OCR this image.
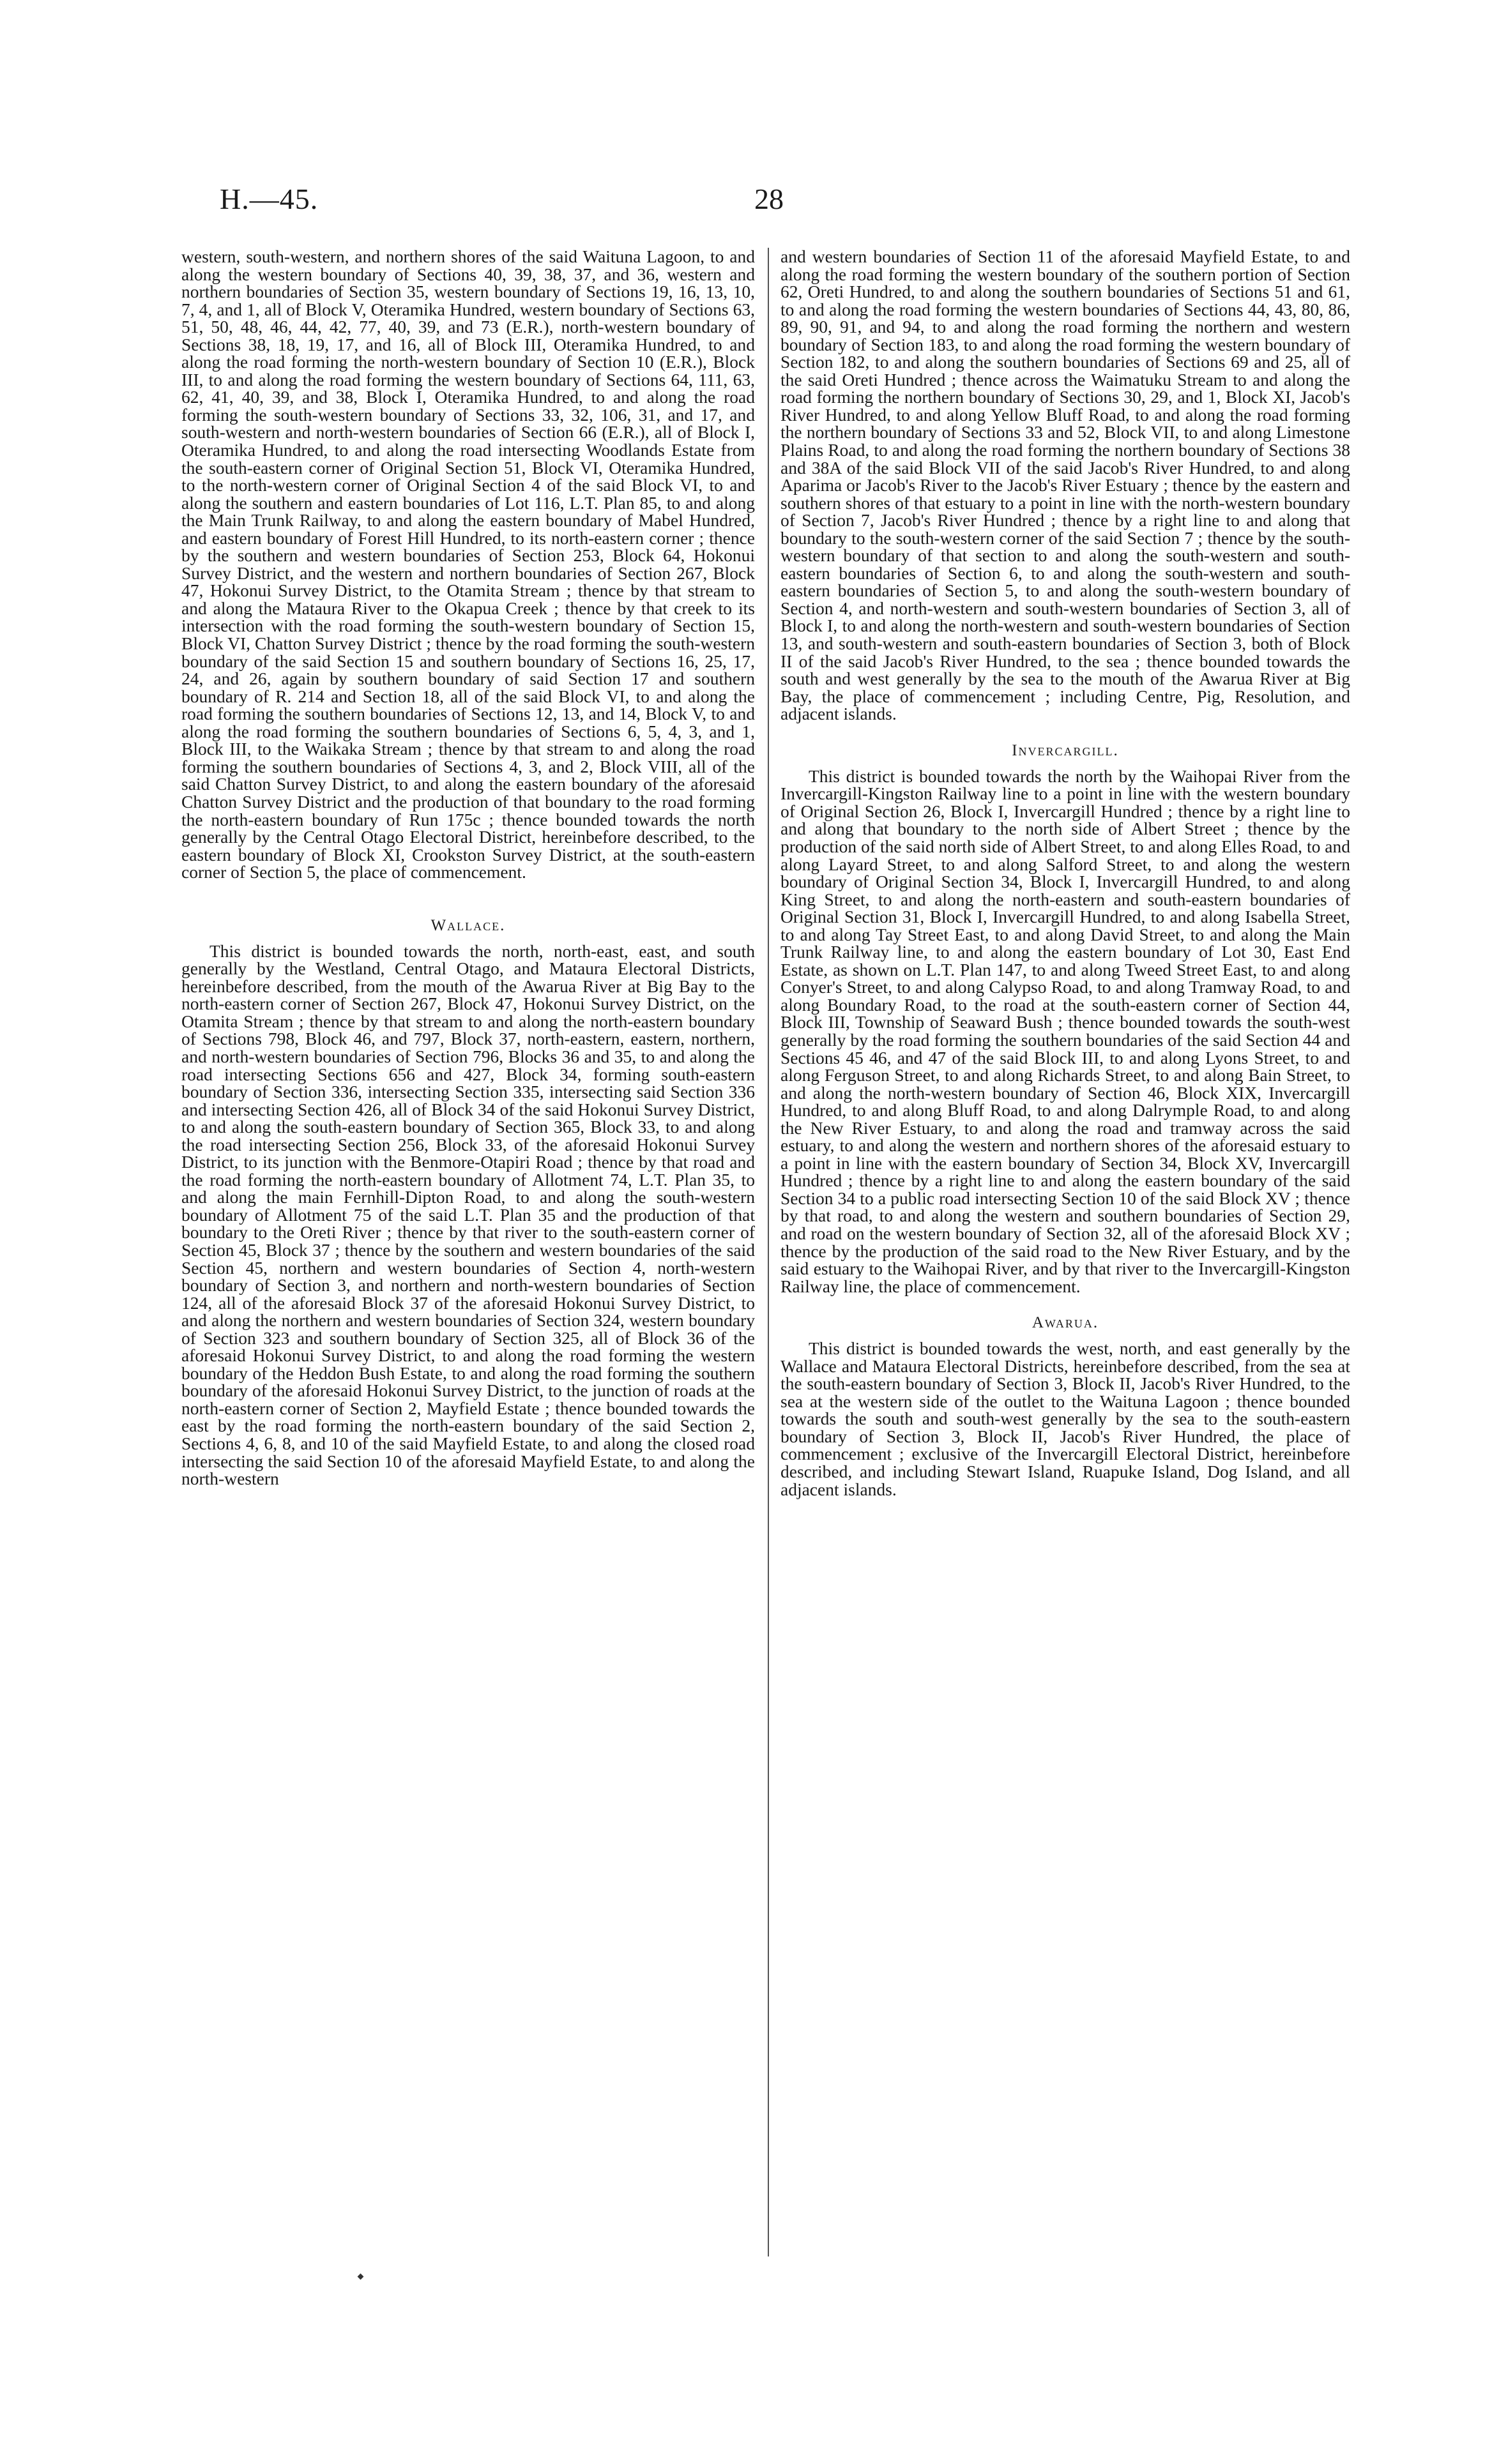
H.—45.	28

western, south-western, and northern shores of the said Waituna Lagoon, to and along the western boundary of Sections 40, 39, 38, 37, and 36, western and northern boundaries of Section 35, western boundary of Sections 19, 16, 13, 10, 7, 4, and 1, all of Block V, Oteramika Hundred, western boundary of Sections 63, 51, 50, 48, 46, 44, 42, 77, 40, 39, and 73 (E.R.), north-western boundary of Sections 38, 18, 19, 17, and 16, all of Block III, Oteramika Hundred, to and along the road forming the north-western boundary of Section 10 (E.R.), Block III, to and along the road forming the western boundary of Sections 64, 111, 63, 62, 41, 40, 39, and 38, Block I, Oteramika Hundred, to and along the road forming the south-western boundary of Sections 33, 32, 106, 31, and 17, and south-western and north-western boundaries of Section 66 (E.R.), all of Block I, Oteramika Hundred, to and along the road intersecting Woodlands Estate from the south-eastern corner of Original Section 51, Block VI, Oteramika Hundred, to the north-western corner of Original Section 4 of the said Block VI, to and along the southern and eastern boundaries of Lot 116, L.T. Plan 85, to and along the Main Trunk Railway, to and along the eastern boundary of Mabel Hundred, and eastern boundary of Forest Hill Hundred, to its north-eastern corner ; thence by the southern and western boundaries of Section 253, Block 64, Hokonui Survey District, and the western and northern boundaries of Section 267, Block 47, Hokonui Survey District, to the Otamita Stream ; thence by that stream to and along the Mataura River to the Okapua Creek ; thence by that creek to its intersection with the road forming the south-western boundary of Section 15, Block VI, Chatton Survey District ; thence by the road forming the south-western boundary of the said Section 15 and southern boundary of Sections 16, 25, 17, 24, and 26, again by southern boundary of said Section 17 and southern boundary of R. 214 and Section 18, all of the said Block VI, to and along the road forming the southern boundaries of Sections 12, 13, and 14, Block V, to and along the road forming the southern boundaries of Sections 6, 5, 4, 3, and 1, Block III, to the Waikaka Stream ; thence by that stream to and along the road forming the southern boundaries of Sections 4, 3, and 2, Block VIII, all of the said Chatton Survey District, to and along the eastern boundary of the aforesaid Chatton Survey District and the production of that boundary to the road forming the north-eastern boundary of Run 175c ; thence bounded towards the north generally by the Central Otago Electoral District, hereinbefore described, to the eastern boundary of Block XI, Crookston Survey District, at the south-eastern corner of Section 5, the place of commencement.

Wallace.

This district is bounded towards the north, north-east, east, and south generally by the Westland, Central Otago, and Mataura Electoral Districts, hereinbefore described, from the mouth of the Awarua River at Big Bay to the north-eastern corner of Section 267, Block 47, Hokonui Survey District, on the Otamita Stream ; thence by that stream to and along the north-eastern boundary of Sections 798, Block 46, and 797, Block 37, north-eastern, eastern, northern, and north-western boundaries of Section 796, Blocks 36 and 35, to and along the road intersecting Sections 656 and 427, Block 34, forming south-eastern boundary of Section 336, intersecting Section 335, intersecting said Section 336 and intersecting Section 426, all of Block 34 of the said Hokonui Survey District, to and along the south-eastern boundary of Section 365, Block 33, to and along the road intersecting Section 256, Block 33, of the aforesaid Hokonui Survey District, to its junction with the Benmore-Otapiri Road ; thence by that road and the road forming the north-eastern boundary of Allotment 74, L.T. Plan 35, to and along the main Fernhill-Dipton Road, to and along the south-western boundary of Allotment 75 of the said L.T. Plan 35 and the production of that boundary to the Oreti River ; thence by that river to the south-eastern corner of Section 45, Block 37 ; thence by the southern and western boundaries of the said Section 45, northern and western boundaries of Section 4, north-western boundary of Section 3, and northern and north-western boundaries of Section 124, all of the aforesaid Block 37 of the aforesaid Hokonui Survey District, to and along the northern and western boundaries of Section 324, western boundary of Section 323 and southern boundary of Section 325, all of Block 36 of the aforesaid Hokonui Survey District, to and along the road forming the western boundary of the Heddon Bush Estate, to and along the road forming the southern boundary of the aforesaid Hokonui Survey District, to the junction of roads at the north-eastern corner of Section 2, Mayfield Estate ; thence bounded towards the east by the road forming the north-eastern boundary of the said Section 2, Sections 4, 6, 8, and 10 of the said Mayfield Estate, to and along the closed road intersecting the said Section 10 of the aforesaid Mayfield Estate, to and along the north-western

and western boundaries of Section 11 of the aforesaid Mayfield Estate, to and along the road forming the western boundary of the southern portion of Section 62, Oreti Hundred, to and along the southern boundaries of Sections 51 and 61, to and along the road forming the western boundaries of Sections 44, 43, 80, 86, 89, 90, 91, and 94, to and along the road forming the northern and western boundary of Section 183, to and along the road forming the western boundary of Section 182, to and along the southern boundaries of Sections 69 and 25, all of the said Oreti Hundred ; thence across the Waimatuku Stream to and along the road forming the northern boundary of Sections 30, 29, and 1, Block XI, Jacob's River Hundred, to and along Yellow Bluff Road, to and along the road forming the northern boundary of Sections 33 and 52, Block VII, to and along Limestone Plains Road, to and along the road forming the northern boundary of Sections 38 and 38A of the said Block VII of the said Jacob's River Hundred, to and along Aparima or Jacob's River to the Jacob's River Estuary ; thence by the eastern and southern shores of that estuary to a point in line with the north-western boundary of Section 7, Jacob's River Hundred ; thence by a right line to and along that boundary to the south-western corner of the said Section 7 ; thence by the south-western boundary of that section to and along the south-western and south-eastern boundaries of Section 6, to and along the south-western and south-eastern boundaries of Section 5, to and along the south-western boundary of Section 4, and north-western and south-western boundaries of Section 3, all of Block I, to and along the north-western and south-western boundaries of Section 13, and south-western and south-eastern boundaries of Section 3, both of Block II of the said Jacob's River Hundred, to the sea ; thence bounded towards the south and west generally by the sea to the mouth of the Awarua River at Big Bay, the place of commencement ; including Centre, Pig, Resolution, and adjacent islands.

Invercargill.

This district is bounded towards the north by the Waihopai River from the Invercargill-Kingston Railway line to a point in line with the western boundary of Original Section 26, Block I, Invercargill Hundred ; thence by a right line to and along that boundary to the north side of Albert Street ; thence by the production of the said north side of Albert Street, to and along Elles Road, to and along Layard Street, to and along Salford Street, to and along the western boundary of Original Section 34, Block I, Invercargill Hundred, to and along King Street, to and along the north-eastern and south-eastern boundaries of Original Section 31, Block I, Invercargill Hundred, to and along Isabella Street, to and along Tay Street East, to and along David Street, to and along the Main Trunk Railway line, to and along the eastern boundary of Lot 30, East End Estate, as shown on L.T. Plan 147, to and along Tweed Street East, to and along Conyer's Street, to and along Calypso Road, to and along Tramway Road, to and along Boundary Road, to the road at the south-eastern corner of Section 44, Block III, Township of Seaward Bush ; thence bounded towards the south-west generally by the road forming the southern boundaries of the said Section 44 and Sections 45 46, and 47 of the said Block III, to and along Lyons Street, to and along Ferguson Street, to and along Richards Street, to and along Bain Street, to and along the north-western boundary of Section 46, Block XIX, Invercargill Hundred, to and along Bluff Road, to and along Dalrymple Road, to and along the New River Estuary, to and along the road and tramway across the said estuary, to and along the western and northern shores of the aforesaid estuary to a point in line with the eastern boundary of Section 34, Block XV, Invercargill Hundred ; thence by a right line to and along the eastern boundary of the said Section 34 to a public road intersecting Section 10 of the said Block XV ; thence by that road, to and along the western and southern boundaries of Section 29, and road on the western boundary of Section 32, all of the aforesaid Block XV ; thence by the production of the said road to the New River Estuary, and by the said estuary to the Waihopai River, and by that river to the Invercargill-Kingston Railway line, the place of commencement.

Awarua.

This district is bounded towards the west, north, and east generally by the Wallace and Mataura Electoral Districts, hereinbefore described, from the sea at the south-eastern boundary of Section 3, Block II, Jacob's River Hundred, to the sea at the western side of the outlet to the Waituna Lagoon ; thence bounded towards the south and south-west generally by the sea to the south-eastern boundary of Section 3, Block II, Jacob's River Hundred, the place of commencement ; exclusive of the Invercargill Electoral District, hereinbefore described, and including Stewart Island, Ruapuke Island, Dog Island, and all adjacent islands.
